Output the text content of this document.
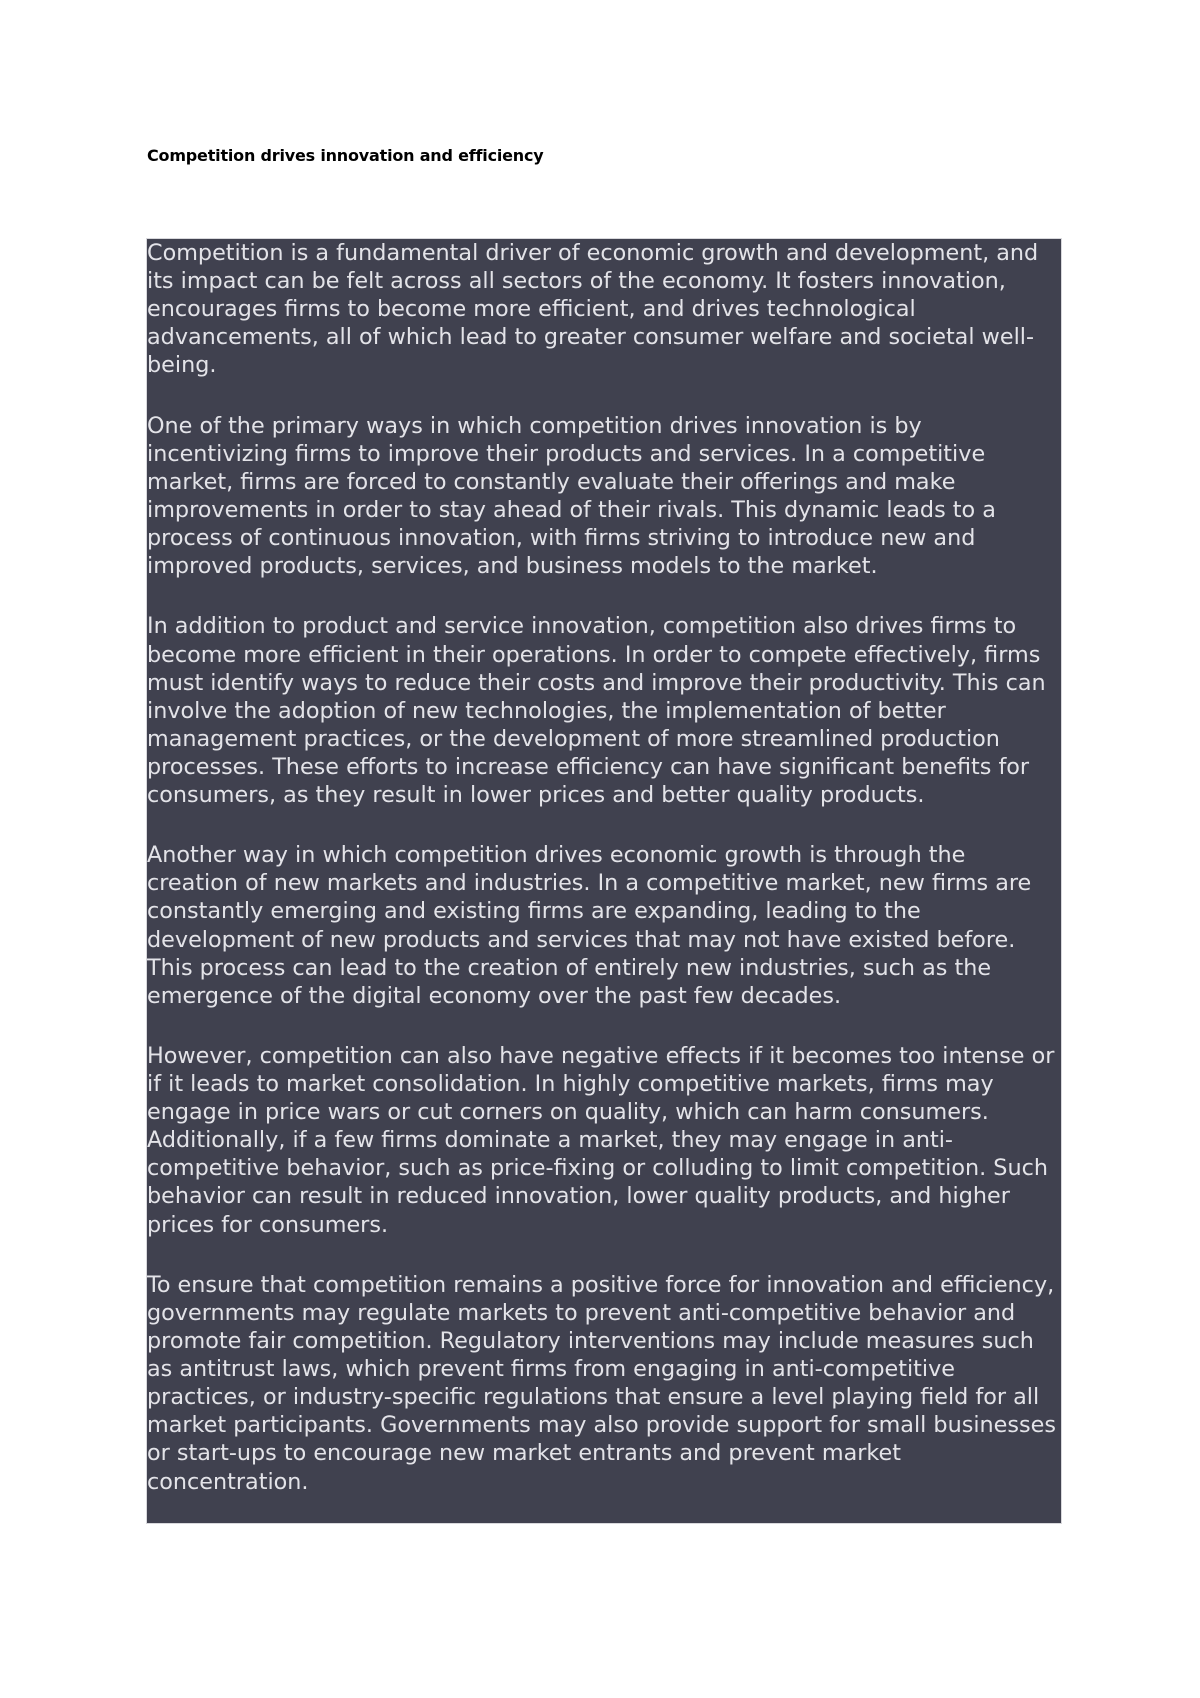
Competition drives innovation and efficiency

Competition is a fundamental driver of economic growth and development, and its impact can be felt across all sectors of the economy. It fosters innovation, encourages firms to become more efficient, and drives technological advancements, all of which lead to greater consumer welfare and societal well-being.

One of the primary ways in which competition drives innovation is by incentivizing firms to improve their products and services. In a competitive market, firms are forced to constantly evaluate their offerings and make improvements in order to stay ahead of their rivals. This dynamic leads to a process of continuous innovation, with firms striving to introduce new and improved products, services, and business models to the market.

In addition to product and service innovation, competition also drives firms to become more efficient in their operations. In order to compete effectively, firms must identify ways to reduce their costs and improve their productivity. This can involve the adoption of new technologies, the implementation of better management practices, or the development of more streamlined production processes. These efforts to increase efficiency can have significant benefits for consumers, as they result in lower prices and better quality products.

Another way in which competition drives economic growth is through the creation of new markets and industries. In a competitive market, new firms are constantly emerging and existing firms are expanding, leading to the development of new products and services that may not have existed before. This process can lead to the creation of entirely new industries, such as the emergence of the digital economy over the past few decades.

However, competition can also have negative effects if it becomes too intense or if it leads to market consolidation. In highly competitive markets, firms may engage in price wars or cut corners on quality, which can harm consumers. Additionally, if a few firms dominate a market, they may engage in anti-competitive behavior, such as price-fixing or colluding to limit competition. Such behavior can result in reduced innovation, lower quality products, and higher prices for consumers.

To ensure that competition remains a positive force for innovation and efficiency, governments may regulate markets to prevent anti-competitive behavior and promote fair competition. Regulatory interventions may include measures such as antitrust laws, which prevent firms from engaging in anti-competitive practices, or industry-specific regulations that ensure a level playing field for all market participants. Governments may also provide support for small businesses or start-ups to encourage new market entrants and prevent market concentration.
